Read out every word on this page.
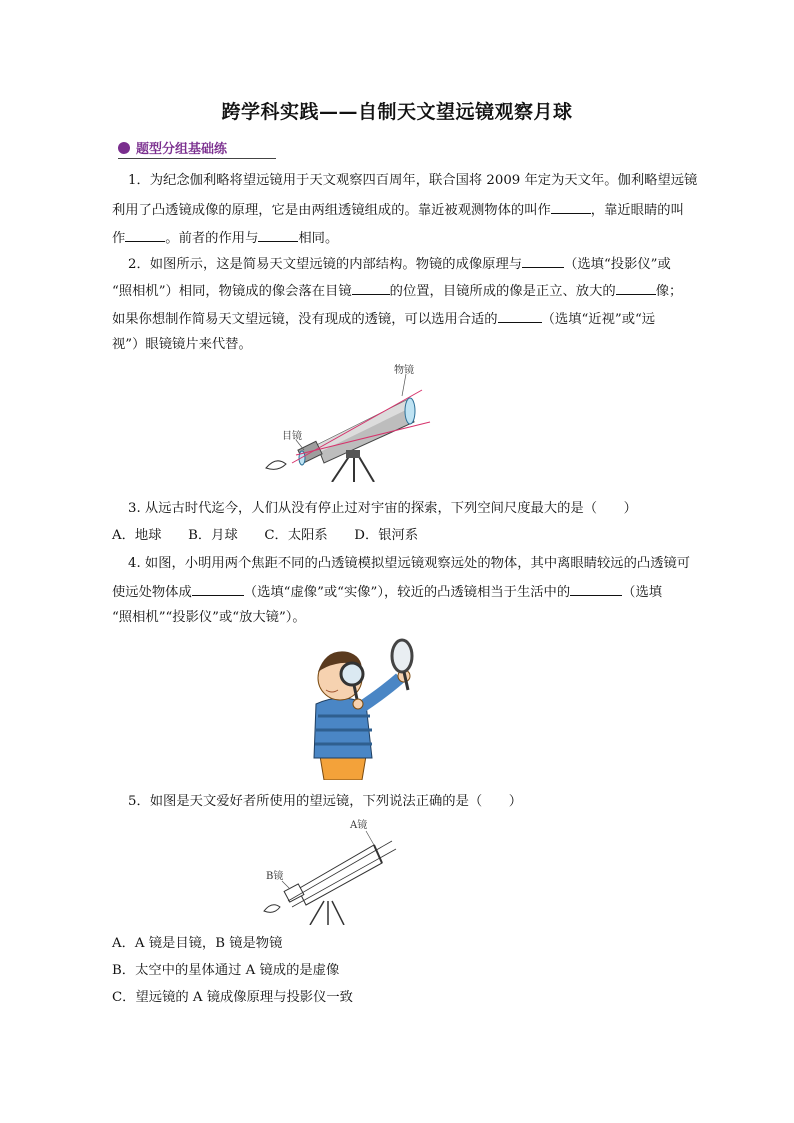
跨学科实践——自制天文望远镜观察月球
题型分组基础练
1．为纪念伽利略将望远镜用于天文观察四百周年，联合国将 2009 年定为天文年。伽利略望远镜
利用了凸透镜成像的原理，它是由两组透镜组成的。靠近被观测物体的叫作	，靠近眼睛的叫
作	。前者的作用与	相同。
2．如图所示，这是简易天文望远镜的内部结构。物镜的成像原理与	（选填“投影仪”或
“照相机”）相同，物镜成的像会落在目镜	的位置，目镜所成的像是正立、放大的	像；
如果你想制作简易天文望远镜，没有现成的透镜，可以选用合适的	（选填“近视”或“远
视”）眼镜镜片来代替。
物镜
目镜
3. 从远古时代迄今，人们从没有停止过对宇宙的探索，下列空间尺度最大的是（　　）
A．地球　　B．月球　　C．太阳系　　D．银河系
4. 如图，小明用两个焦距不同的凸透镜模拟望远镜观察远处的物体，其中离眼睛较远的凸透镜可
使远处物体成	（选填“虚像”或“实像”），较近的凸透镜相当于生活中的	（选填
“照相机”“投影仪”或“放大镜”）。
5．如图是天文爱好者所使用的望远镜，下列说法正确的是（　　）
A镜
B镜
A．A 镜是目镜，B 镜是物镜
B．太空中的星体通过 A 镜成的是虚像
C．望远镜的 A 镜成像原理与投影仪一致
